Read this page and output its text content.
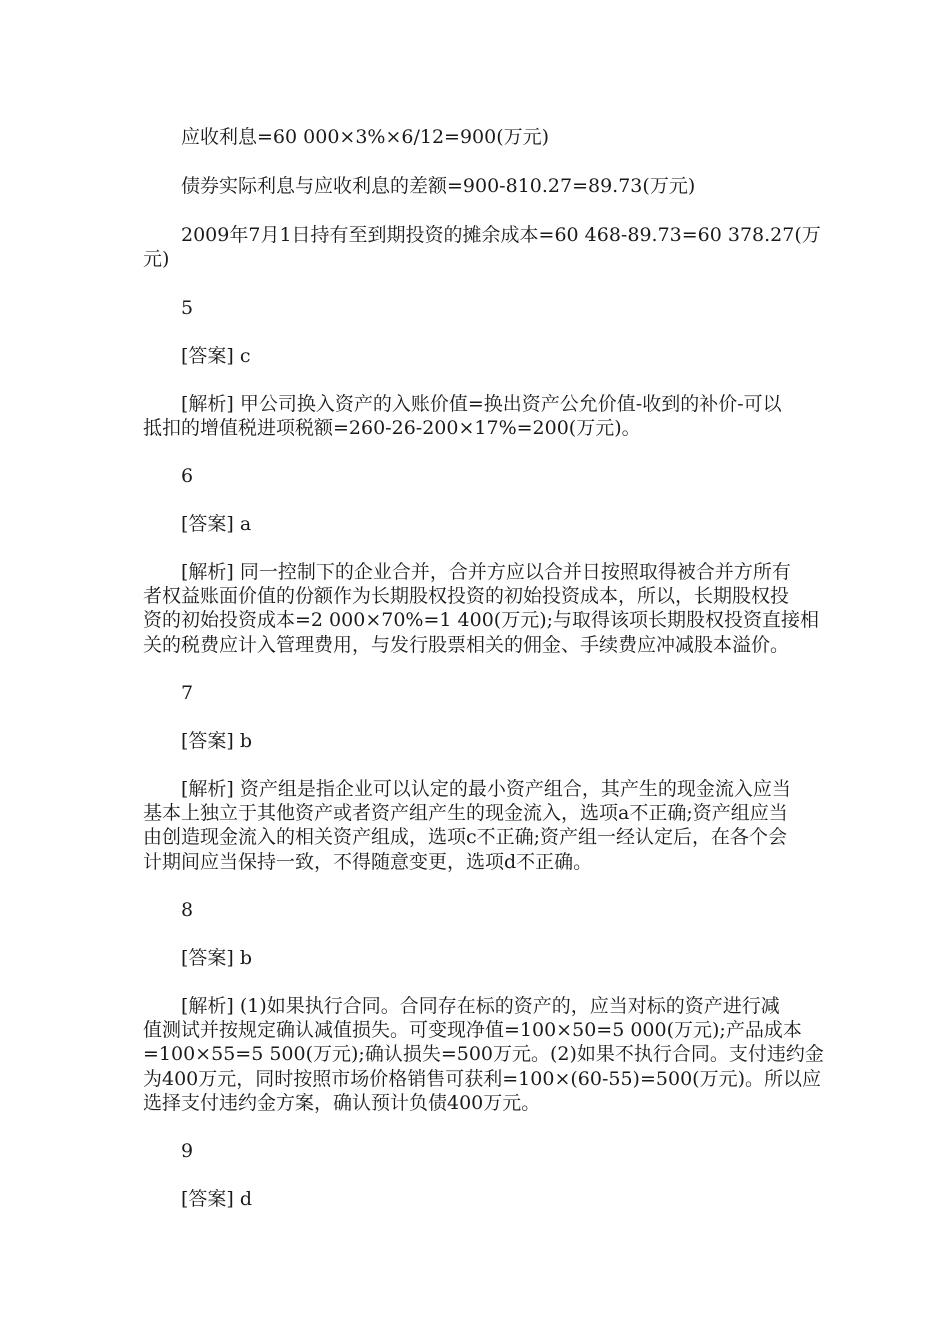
应收利息=60 000×3%×6/12=900(万元)

债券实际利息与应收利息的差额=900-810.27=89.73(万元)

2009年7月1日持有至到期投资的摊余成本=60 468-89.73=60 378.27(万

元)

5

[答案] c

[解析] 甲公司换入资产的入账价值=换出资产公允价值-收到的补价-可以

抵扣的增值税进项税额=260-26-200×17%=200(万元)。

6

[答案] a

[解析] 同一控制下的企业合并，合并方应以合并日按照取得被合并方所有

者权益账面价值的份额作为长期股权投资的初始投资成本，所以，长期股权投

资的初始投资成本=2 000×70%=1 400(万元);与取得该项长期股权投资直接相

关的税费应计入管理费用，与发行股票相关的佣金、手续费应冲减股本溢价。

7

[答案] b

[解析] 资产组是指企业可以认定的最小资产组合，其产生的现金流入应当

基本上独立于其他资产或者资产组产生的现金流入，选项a不正确;资产组应当

由创造现金流入的相关资产组成，选项c不正确;资产组一经认定后，在各个会

计期间应当保持一致，不得随意变更，选项d不正确。

8

[答案] b

[解析] (1)如果执行合同。合同存在标的资产的，应当对标的资产进行减

值测试并按规定确认减值损失。可变现净值=100×50=5 000(万元);产品成本

=100×55=5 500(万元);确认损失=500万元。(2)如果不执行合同。支付违约金

为400万元，同时按照市场价格销售可获利=100×(60-55)=500(万元)。所以应

选择支付违约金方案，确认预计负债400万元。

9

[答案] d
